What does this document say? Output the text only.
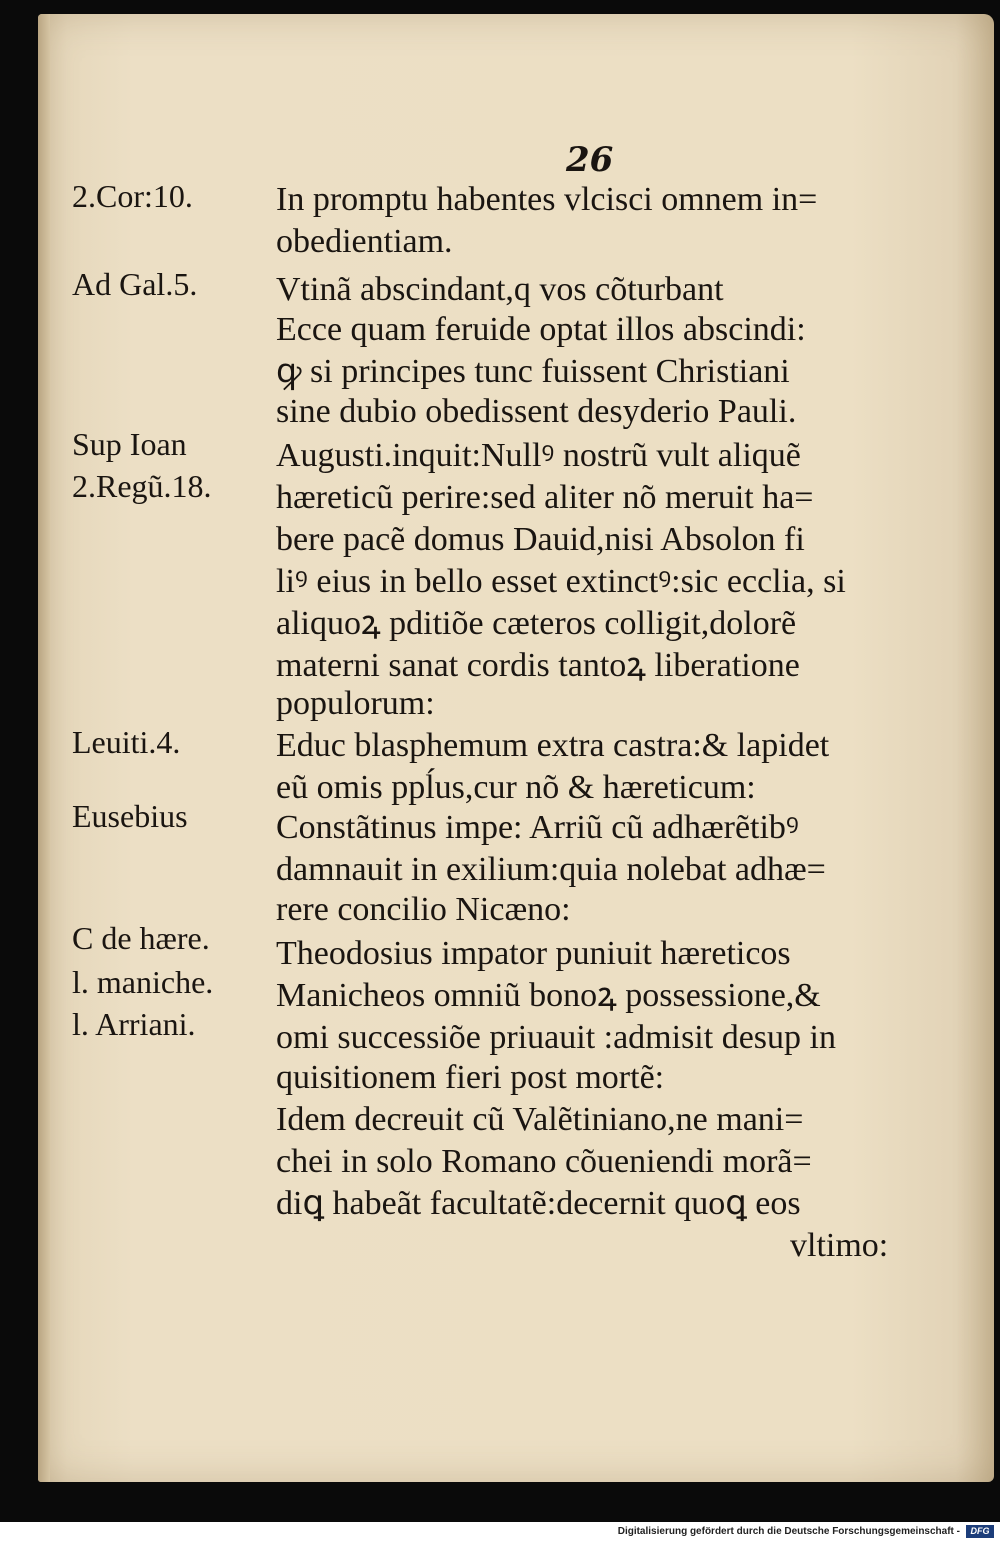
26
2.Cor:10.
Ad Gal.5.
Sup Ioan
2.Regũ.18.
Leuiti.4.
Eusebius
C de hære.
l. maniche.
l. Arriani.
In promptu habentes vlcisci omnem in=
obedientiam.
Vtinã abscindant,q vos cõturbant
Ecce quam feruide optat illos abscindi:
ꝙ si principes tunc fuissent Christiani
sine dubio obedissent desyderio Pauli.
Augusti.inquit:Nullꝰ nostrũ vult aliquẽ
hæreticũ perire:sed aliter nõ meruit ha=
bere pacẽ domus Dauid,nisi Absolon fi
liꝰ eius in bello esset extinctꝰ:sic ecclia, si
aliquoꝝ pditiõe cæteros colligit,dolorẽ
materni sanat cordis tantoꝝ liberatione
populorum:
Educ blasphemum extra castra:& lapidet
eũ omis ppĺus,cur nõ & hæreticum:
Constãtinus impe: Arriũ cũ adhærẽtibꝰ
damnauit in exilium:quia nolebat adhæ=
rere concilio Nicæno:
Theodosius impator puniuit hæreticos
Manicheos omniũ bonoꝝ possessione,&
omi successiõe priuauit :admisit desup in
quisitionem fieri post mortẽ:
Idem decreuit cũ Valẽtiniano,ne mani=
chei in solo Romano cõueniendi morã=
diꝗ habeãt facultatẽ:decernit quoꝗ eos
vltimo:
Digitalisierung gefördert durch die Deutsche Forschungsgemeinschaft -	DFG
